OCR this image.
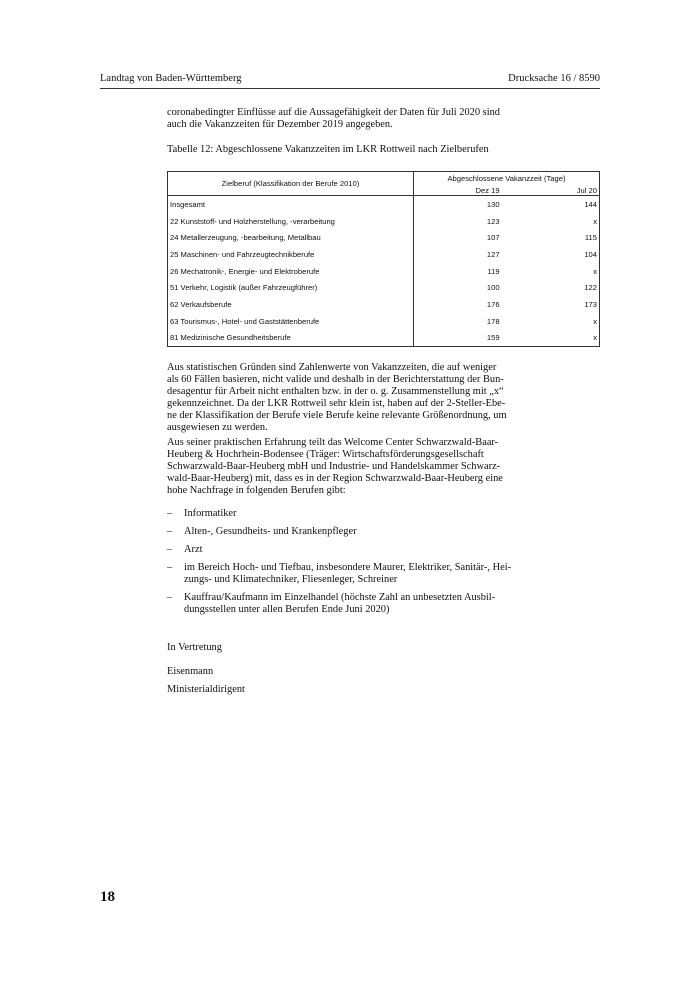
Landtag von Baden-Württemberg	Drucksache 16 / 8590

coronabedingter Einflüsse auf die Aussagefähigkeit der Daten für Juli 2020 sind
auch die Vakanzzeiten für Dezember 2019 angegeben.

Tabelle 12: Abgeschlossene Vakanzzeiten im LKR Rottweil nach Zielberufen
Zielberuf (Klassifikation der Berufe 2010)	Abgeschlossene Vakanzzeit (Tage)	
	Dez 19	Jul 20
Insgesamt	130	144
22 Kunststoff- und Holzherstellung, -verarbeitung	123	x
24 Metallerzeugung, -bearbeitung, Metallbau	107	115
25 Maschinen- und Fahrzeugtechnikberufe	127	104
26 Mechatronik-, Energie- und Elektroberufe	119	x
51 Verkehr, Logistik (außer Fahrzeugführer)	100	122
62 Verkaufsberufe	176	173
63 Tourismus-, Hotel- und Gaststättenberufe	178	x
81 Medizinische Gesundheitsberufe	159	x

Aus statistischen Gründen sind Zahlenwerte von Vakanzzeiten, die auf weniger
als 60 Fällen basieren, nicht valide und deshalb in der Berichterstattung der Bun-
desagentur für Arbeit nicht enthalten bzw. in der o. g. Zusammenstellung mit „x“
gekennzeichnet. Da der LKR Rottweil sehr klein ist, haben auf der 2-Steller-Ebe-
ne der Klassifikation der Berufe viele Berufe keine relevante Größenordnung, um
ausgewiesen zu werden.

Aus seiner praktischen Erfahrung teilt das Welcome Center Schwarzwald-Baar-
Heuberg & Hochrhein-Bodensee (Träger: Wirtschaftsförderungsgesellschaft
Schwarzwald-Baar-Heuberg mbH und Industrie- und Handelskammer Schwarz-
wald-Baar-Heuberg) mit, dass es in der Region Schwarzwald-Baar-Heuberg eine
hohe Nachfrage in folgenden Berufen gibt:

– Informatiker
– Alten-, Gesundheits- und Krankenpfleger
– Arzt
– im Bereich Hoch- und Tiefbau, insbesondere Maurer, Elektriker, Sanitär-, Hei-
zungs- und Klimatechniker, Fliesenleger, Schreiner
– Kauffrau/Kaufmann im Einzelhandel (höchste Zahl an unbesetzten Ausbil-
dungsstellen unter allen Berufen Ende Juni 2020)
In Vertretung
Eisenmann
Ministerialdirigent
18
